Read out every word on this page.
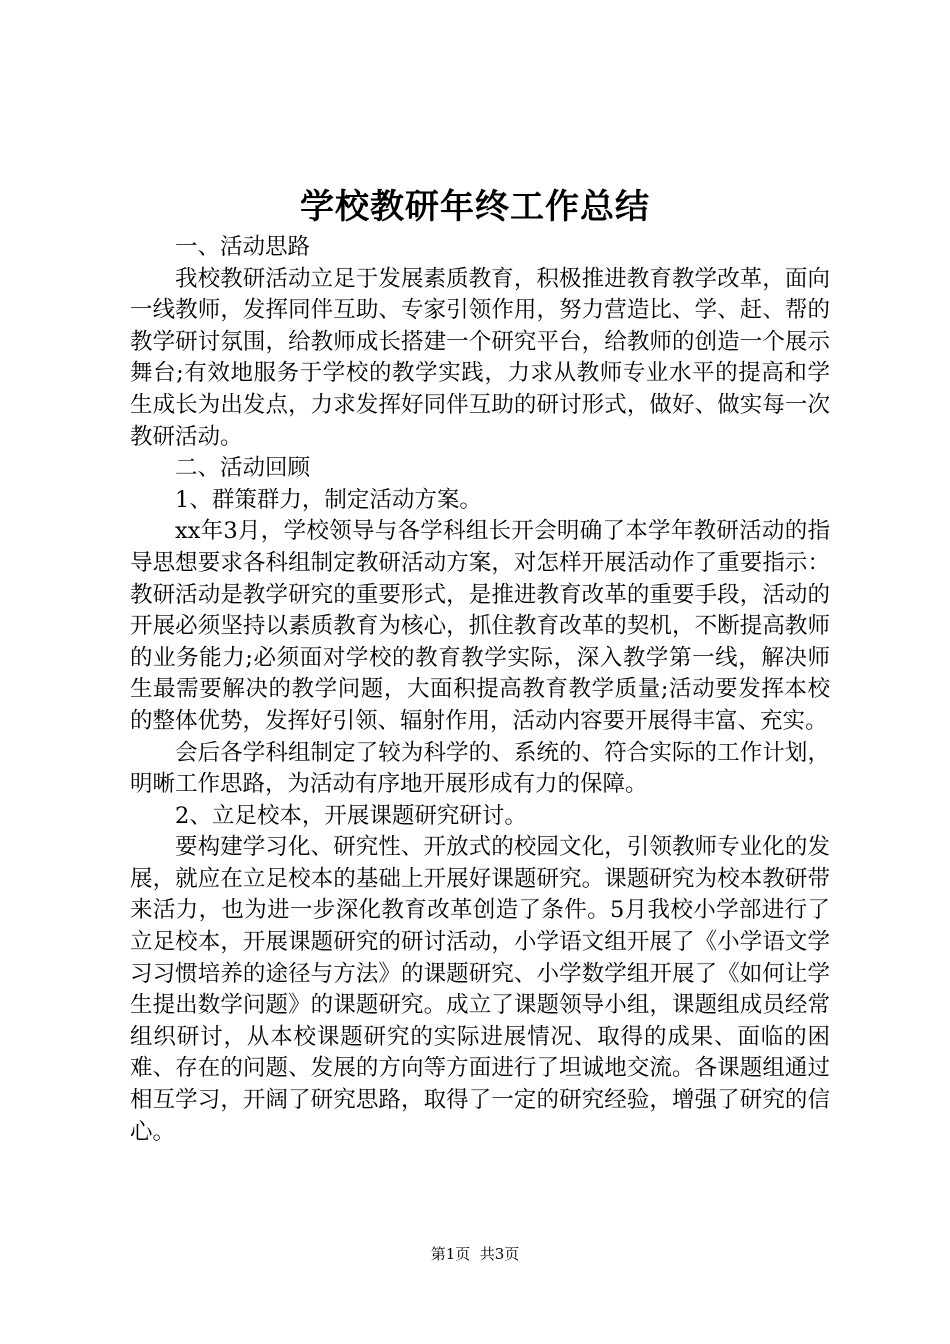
学校教研年终工作总结

一、活动思路

我校教研活动立足于发展素质教育，积极推进教育教学改革，面向一线教师，发挥同伴互助、专家引领作用，努力营造比、学、赶、帮的教学研讨氛围，给教师成长搭建一个研究平台，给教师的创造一个展示舞台;有效地服务于学校的教学实践，力求从教师专业水平的提高和学生成长为出发点，力求发挥好同伴互助的研讨形式，做好、做实每一次教研活动。

二、活动回顾

1、群策群力，制定活动方案。

xx年3月，学校领导与各学科组长开会明确了本学年教研活动的指导思想要求各科组制定教研活动方案，对怎样开展活动作了重要指示：教研活动是教学研究的重要形式，是推进教育改革的重要手段，活动的开展必须坚持以素质教育为核心，抓住教育改革的契机，不断提高教师的业务能力;必须面对学校的教育教学实际，深入教学第一线，解决师生最需要解决的教学问题，大面积提高教育教学质量;活动要发挥本校的整体优势，发挥好引领、辐射作用，活动内容要开展得丰富、充实。

会后各学科组制定了较为科学的、系统的、符合实际的工作计划，明晰工作思路，为活动有序地开展形成有力的保障。

2、立足校本，开展课题研究研讨。

要构建学习化、研究性、开放式的校园文化，引领教师专业化的发展，就应在立足校本的基础上开展好课题研究。课题研究为校本教研带来活力，也为进一步深化教育改革创造了条件。5月我校小学部进行了立足校本，开展课题研究的研讨活动，小学语文组开展了《小学语文学习习惯培养的途径与方法》的课题研究、小学数学组开展了《如何让学生提出数学问题》的课题研究。成立了课题领导小组，课题组成员经常组织研讨，从本校课题研究的实际进展情况、取得的成果、面临的困难、存在的问题、发展的方向等方面进行了坦诚地交流。各课题组通过相互学习，开阔了研究思路，取得了一定的研究经验，增强了研究的信心。

第1页  共3页
